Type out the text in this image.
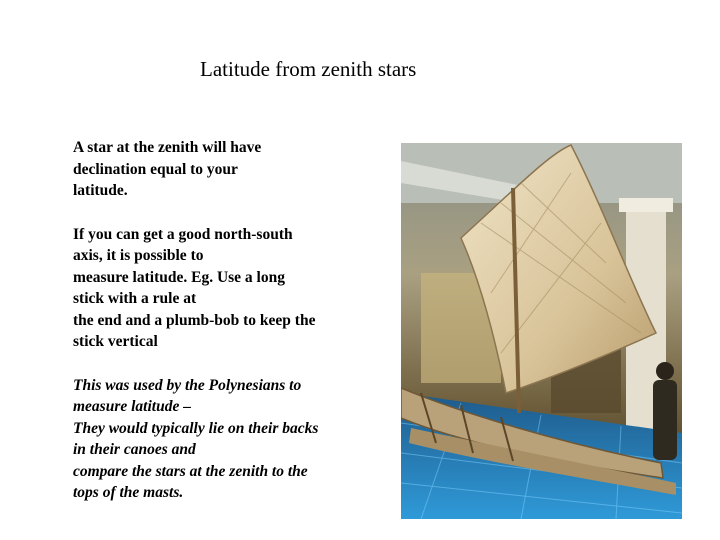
Latitude from zenith stars

A star at the zenith will have

declination equal to your

latitude.

If you can get a good north-south

axis, it is possible to

measure latitude. Eg. Use a long

stick with a rule at

the end and a plumb-bob to keep the

stick vertical

This was used by the Polynesians to

measure latitude –

They would typically lie on their backs

in their canoes and

compare the stars at the zenith to the

tops of the masts.
